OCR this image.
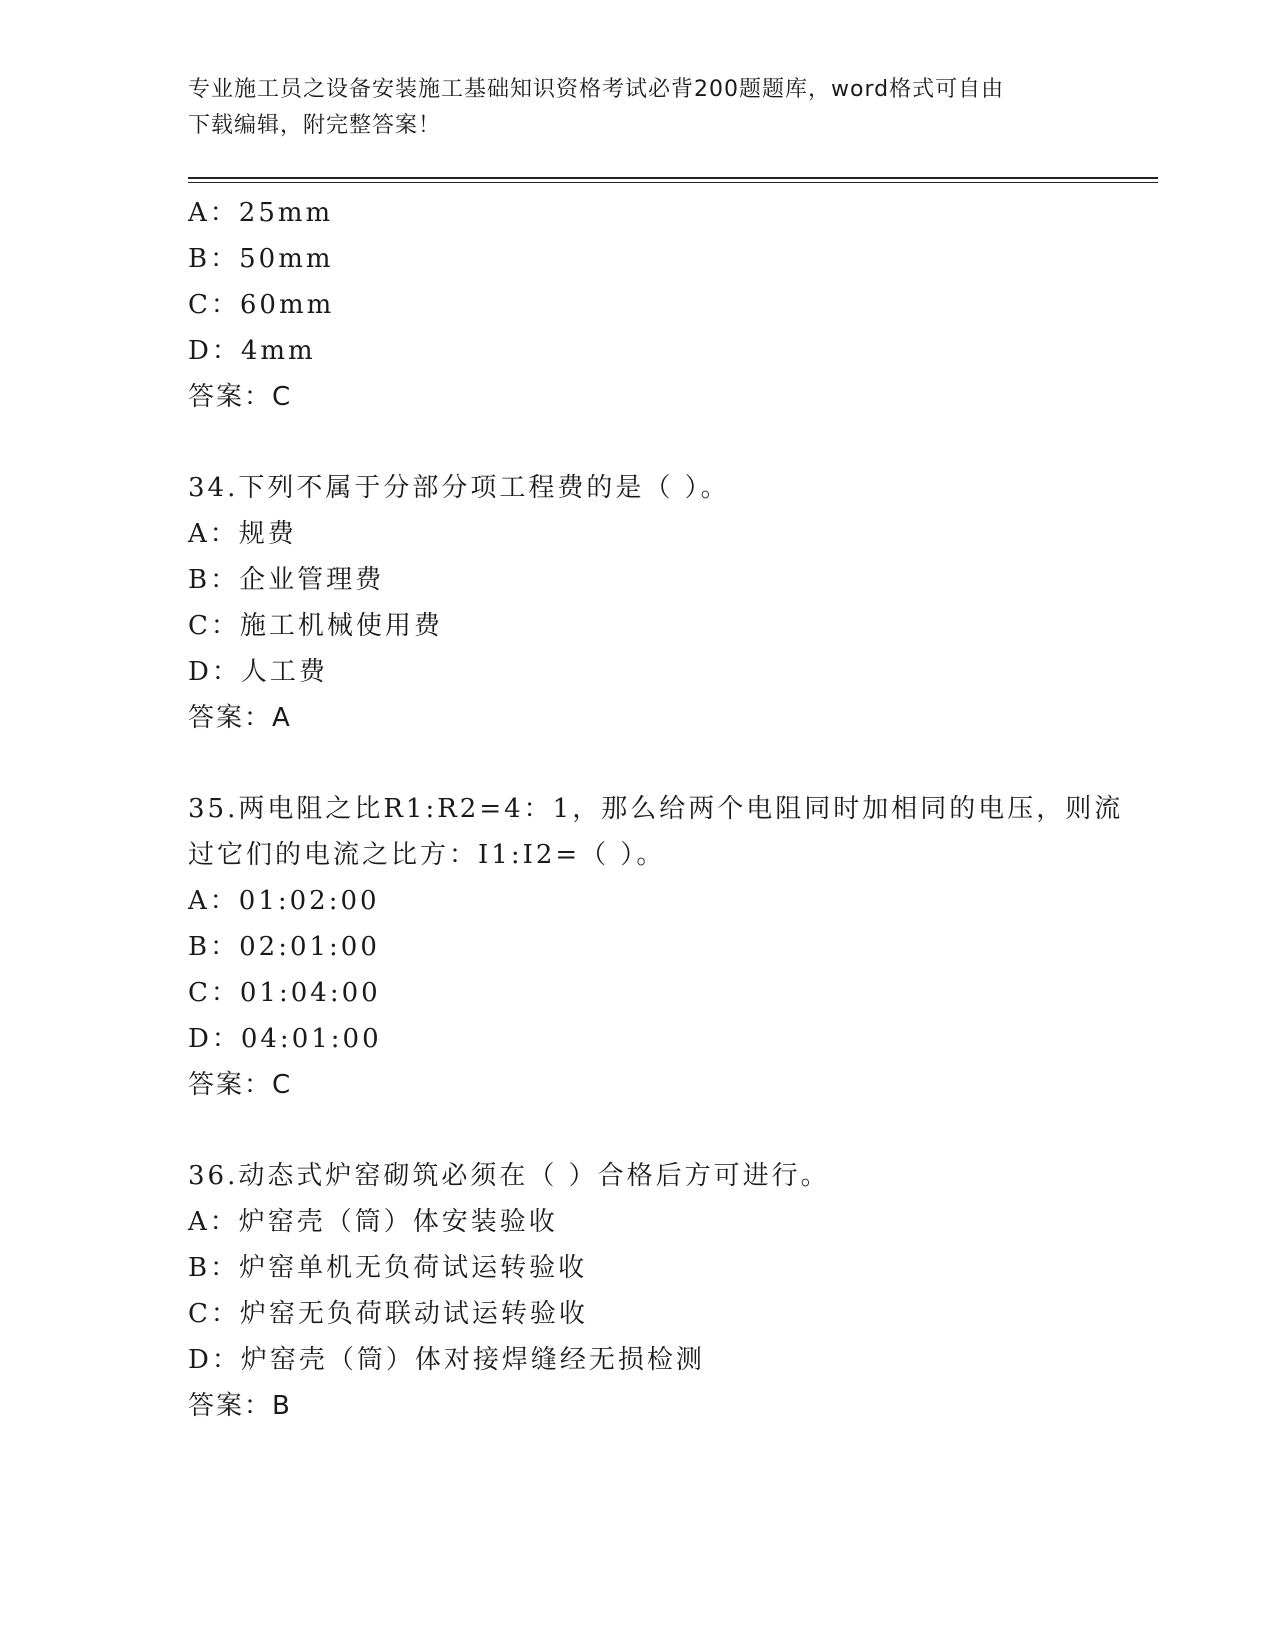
专业施工员之设备安装施工基础知识资格考试必背200题题库，word格式可自由
下载编辑，附完整答案！
A：25mm
B：50mm
C：60mm
D：4mm
答案：C
34.下列不属于分部分项工程费的是（ ）。
A：规费
B：企业管理费
C：施工机械使用费
D：人工费
答案：A
35.两电阻之比R1:R2=4：1，那么给两个电阻同时加相同的电压，则流
过它们的电流之比方：I1:I2=（ ）。
A：01:02:00
B：02:01:00
C：01:04:00
D：04:01:00
答案：C
36.动态式炉窑砌筑必须在（ ）合格后方可进行。
A：炉窑壳（筒）体安装验收
B：炉窑单机无负荷试运转验收
C：炉窑无负荷联动试运转验收
D：炉窑壳（筒）体对接焊缝经无损检测
答案：B
